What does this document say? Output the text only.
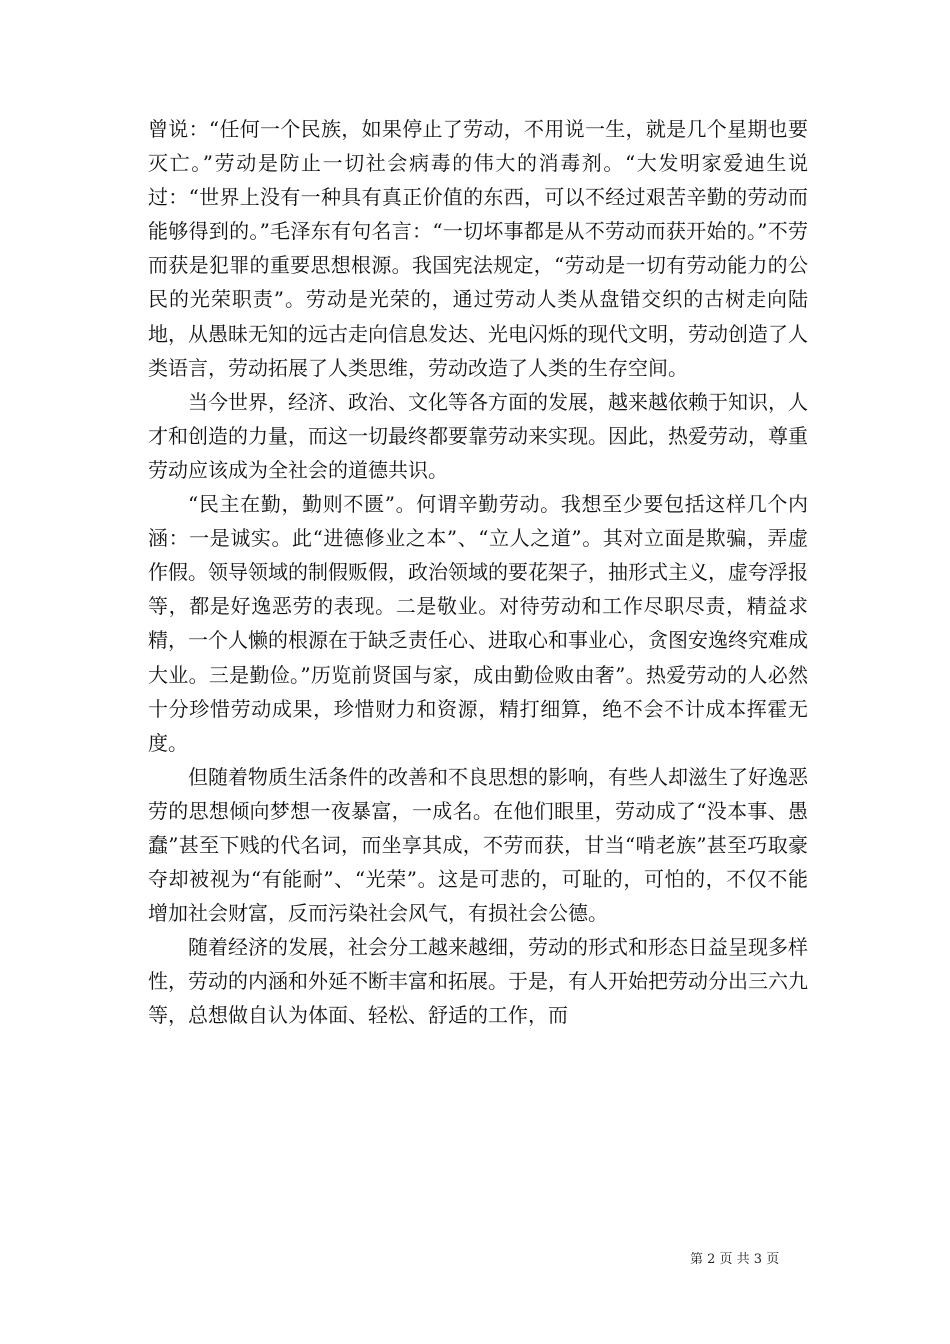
曾说：“任何一个民族，如果停止了劳动，不用说一生，就是几个星期也要灭亡。”劳动是防止一切社会病毒的伟大的消毒剂。“大发明家爱迪生说过：“世界上没有一种具有真正价值的东西，可以不经过艰苦辛勤的劳动而能够得到的。”毛泽东有句名言：“一切坏事都是从不劳动而获开始的。”不劳而获是犯罪的重要思想根源。我国宪法规定，“劳动是一切有劳动能力的公民的光荣职责”。劳动是光荣的，通过劳动人类从盘错交织的古树走向陆地，从愚昧无知的远古走向信息发达、光电闪烁的现代文明，劳动创造了人类语言，劳动拓展了人类思维，劳动改造了人类的生存空间。

当今世界，经济、政治、文化等各方面的发展，越来越依赖于知识，人才和创造的力量，而这一切最终都要靠劳动来实现。因此，热爱劳动，尊重劳动应该成为全社会的道德共识。

“民主在勤，勤则不匮”。何谓辛勤劳动。我想至少要包括这样几个内涵：一是诚实。此“进德修业之本”、“立人之道”。其对立面是欺骗，弄虚作假。领导领域的制假贩假，政治领域的要花架子，抽形式主义，虚夸浮报等，都是好逸恶劳的表现。二是敬业。对待劳动和工作尽职尽责，精益求精，一个人懒的根源在于缺乏责任心、进取心和事业心，贪图安逸终究难成大业。三是勤俭。”历览前贤国与家，成由勤俭败由奢”。热爱劳动的人必然十分珍惜劳动成果，珍惜财力和资源，精打细算，绝不会不计成本挥霍无度。

但随着物质生活条件的改善和不良思想的影响，有些人却滋生了好逸恶劳的思想倾向梦想一夜暴富，一成名。在他们眼里，劳动成了“没本事、愚蠢”甚至下贱的代名词，而坐享其成，不劳而获，甘当“啃老族”甚至巧取豪夺却被视为“有能耐”、“光荣”。这是可悲的，可耻的，可怕的，不仅不能增加社会财富，反而污染社会风气，有损社会公德。

随着经济的发展，社会分工越来越细，劳动的形式和形态日益呈现多样性，劳动的内涵和外延不断丰富和拓展。于是，有人开始把劳动分出三六九等，总想做自认为体面、轻松、舒适的工作，而

第 2 页 共 3 页
